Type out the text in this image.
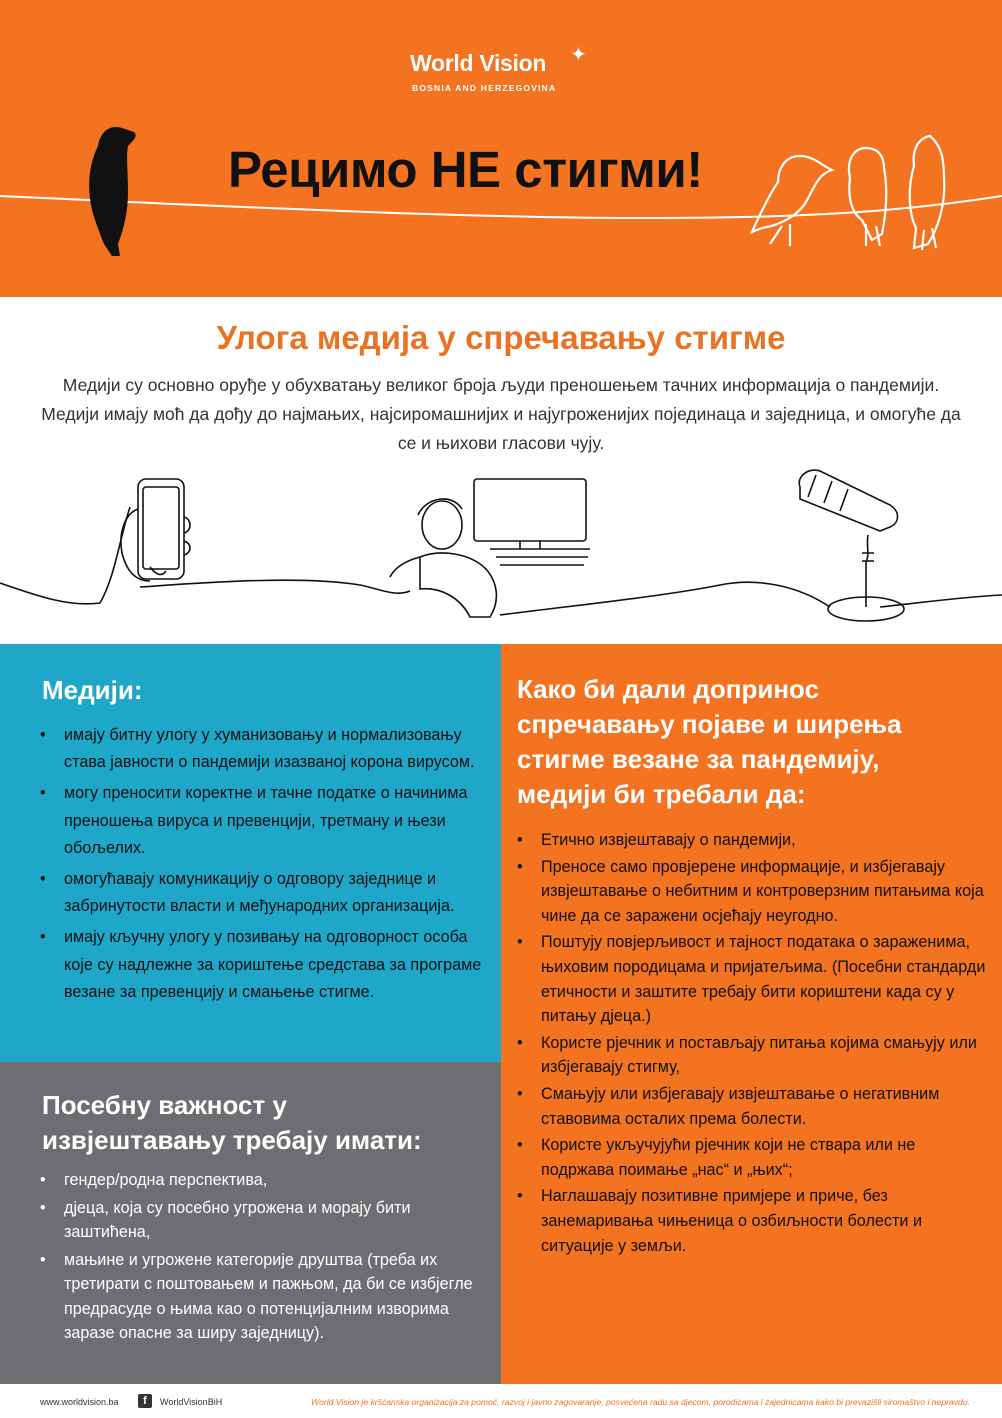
World Vision
BOSNIA AND HERZEGOVINA
✦
Рецимо НЕ стигми!
Улога медија у спречавању стигме
Медији су основно оруђе у обухватању великог броја људи преношењем тачних информација о пандемији.
Медији имају моћ да дођу до најмањих, најсиромашнијих и најугроженијих појединаца и заједница, и омогуће да
се и њихови гласови чују.
Медији:
• имају битну улогу у хуманизовању и нормализовању става јавности о пандемији изазваној корона вирусом.
• могу преносити коректне и тачне податке о начинима преношења вируса и превенцији, третману и њези обољелих.
• омогућавају комуникацију о одговору заједнице и забринутости власти и међународних организација.
• имају кључну улогу у позивању на одговорност особа које су надлежне за кориштење средстава за програме везане за превенцију и смањење стигме.
Посебну важност у
извјештавању требају имати:
• гендер/родна перспектива,
• дјеца, која су посебно угрожена и морају бити заштићена,
• мањине и угрожене категорије друштва (треба их третирати с поштовањем и пажњом, да би се избјегле предрасуде о њима као о потенцијалним изворима заразе опасне за ширу заједницу).
Како би дали допринос
спречавању појаве и ширења
стигме везане за пандемију,
медији би требали да:
• Етично извјештавају о пандемији,
• Преносе само провјерене информације, и избјегавају извјештавање о небитним и контроверзним питањима која чине да се заражени осјећају неугодно.
• Поштују повјерљивост и тајност података о зараженима, њиховим породицама и пријатељима. (Посебни стандарди етичности и заштите требају бити кориштени када су у питању дјеца.)
• Користе рјечник и постављају питања којима смањују или избјегавају стигму,
• Смањују или избјегавају извјештавање о негативним ставовима осталих према болести.
• Користе укључујући рјечник који не ствара или не подржава поимање „нас“ и „њих“;
• Наглашавају позитивне примјере и приче, без занемаривања чињеница о озбиљности болести и ситуације у земљи.
www.worldvision.ba	f	WorldVisionBiH	World Vision je kršćanska organizacija za pomoć, razvoj i javno zagovaranje, posvećena radu sa djecom, porodicama i zajednicama kako bi prevazišli siromaštvo i nepravdu.
